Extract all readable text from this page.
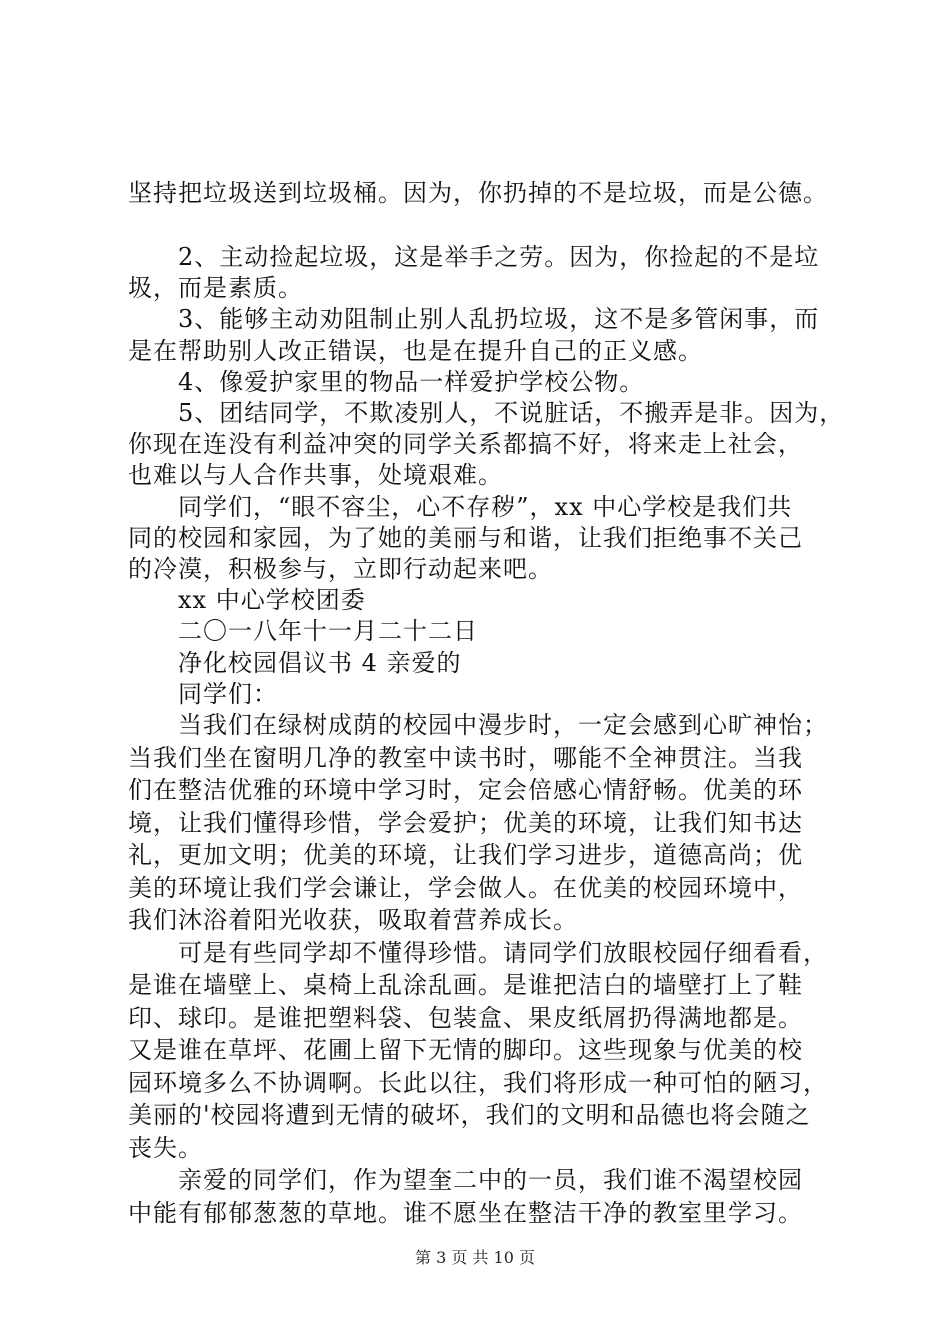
坚持把垃圾送到垃圾桶。因为，你扔掉的不是垃圾，而是公德。
2、主动捡起垃圾，这是举手之劳。因为，你捡起的不是垃
圾，而是素质。
3、能够主动劝阻制止别人乱扔垃圾，这不是多管闲事，而
是在帮助别人改正错误，也是在提升自己的正义感。
4、像爱护家里的物品一样爱护学校公物。
5、团结同学，不欺凌别人，不说脏话，不搬弄是非。因为，
你现在连没有利益冲突的同学关系都搞不好，将来走上社会，
也难以与人合作共事，处境艰难。
同学们，“眼不容尘，心不存秽”，xx 中心学校是我们共
同的校园和家园，为了她的美丽与和谐，让我们拒绝事不关己
的冷漠，积极参与，立即行动起来吧。
xx 中心学校团委
二〇一八年十一月二十二日
净化校园倡议书 4 亲爱的
同学们：
当我们在绿树成荫的校园中漫步时，一定会感到心旷神怡；
当我们坐在窗明几净的教室中读书时，哪能不全神贯注。当我
们在整洁优雅的环境中学习时，定会倍感心情舒畅。优美的环
境，让我们懂得珍惜，学会爱护；优美的环境，让我们知书达
礼，更加文明；优美的环境，让我们学习进步，道德高尚；优
美的环境让我们学会谦让，学会做人。在优美的校园环境中，
我们沐浴着阳光收获，吸取着营养成长。
可是有些同学却不懂得珍惜。请同学们放眼校园仔细看看，
是谁在墙壁上、桌椅上乱涂乱画。是谁把洁白的墙壁打上了鞋
印、球印。是谁把塑料袋、包装盒、果皮纸屑扔得满地都是。
又是谁在草坪、花圃上留下无情的脚印。这些现象与优美的校
园环境多么不协调啊。长此以往，我们将形成一种可怕的陋习，
美丽的'校园将遭到无情的破坏，我们的文明和品德也将会随之
丧失。
亲爱的同学们，作为望奎二中的一员，我们谁不渴望校园
中能有郁郁葱葱的草地。谁不愿坐在整洁干净的教室里学习。
第 3 页 共 10 页
